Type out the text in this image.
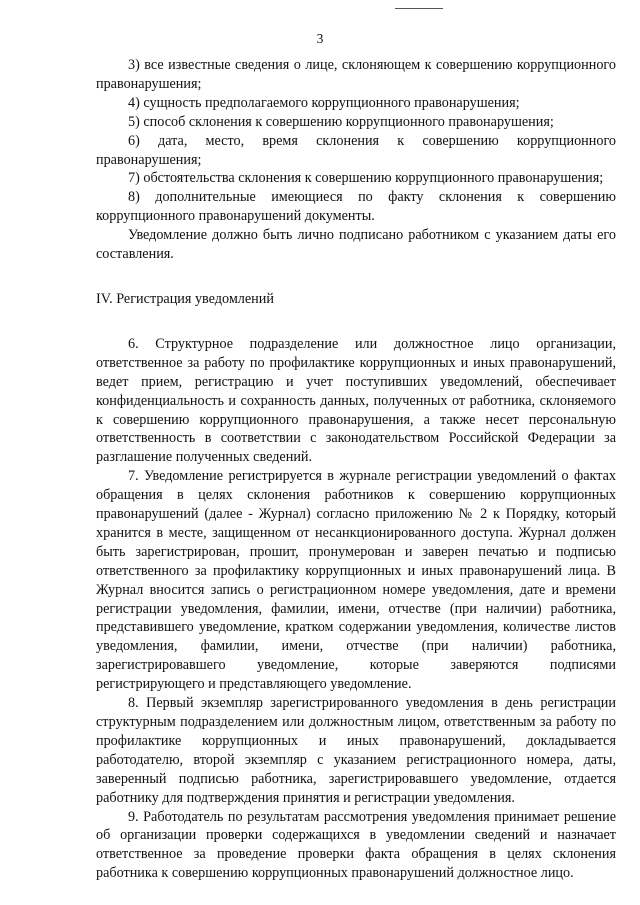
3

3) все известные сведения о лице, склоняющем к совершению коррупционного правонарушения;

4) сущность предполагаемого коррупционного правонарушения;

5) способ склонения к совершению коррупционного правонарушения;

6) дата, место, время склонения к совершению коррупционного правонарушения;

7) обстоятельства склонения к совершению коррупционного правонарушения;

8) дополнительные имеющиеся по факту склонения к совершению коррупционного правонарушений документы.

Уведомление должно быть лично подписано работником с указанием даты его составления.

IV. Регистрация уведомлений

6. Структурное подразделение или должностное лицо организации, ответственное за работу по профилактике коррупционных и иных правонарушений, ведет прием, регистрацию и учет поступивших уведомлений, обеспечивает конфиденциальность и сохранность данных, полученных от работника, склоняемого к совершению коррупционного правонарушения, а также несет персональную ответственность в соответствии с законодательством Российской Федерации за разглашение полученных сведений.

7. Уведомление регистрируется в журнале регистрации уведомлений о фактах обращения в целях склонения работников к совершению коррупционных правонарушений (далее - Журнал) согласно приложению № 2 к Порядку, который хранится в месте, защищенном от несанкционированного доступа. Журнал должен быть зарегистрирован, прошит, пронумерован и заверен печатью и подписью ответственного за профилактику коррупционных и иных правонарушений лица. В Журнал вносится запись о регистрационном номере уведомления, дате и времени регистрации уведомления, фамилии, имени, отчестве (при наличии) работника, представившего уведомление, кратком содержании уведомления, количестве листов уведомления, фамилии, имени, отчестве (при наличии) работника, зарегистрировавшего уведомление, которые заверяются подписями регистрирующего и представляющего уведомление.

8. Первый экземпляр зарегистрированного уведомления в день регистрации структурным подразделением или должностным лицом, ответственным за работу по профилактике коррупционных и иных правонарушений, докладывается работодателю, второй экземпляр с указанием регистрационного номера, даты, заверенный подписью работника, зарегистрировавшего уведомление, отдается работнику для подтверждения принятия и регистрации уведомления.

9. Работодатель по результатам рассмотрения уведомления принимает решение об организации проверки содержащихся в уведомлении сведений и назначает ответственное за проведение проверки факта обращения в целях склонения работника к совершению коррупционных правонарушений должностное лицо.
